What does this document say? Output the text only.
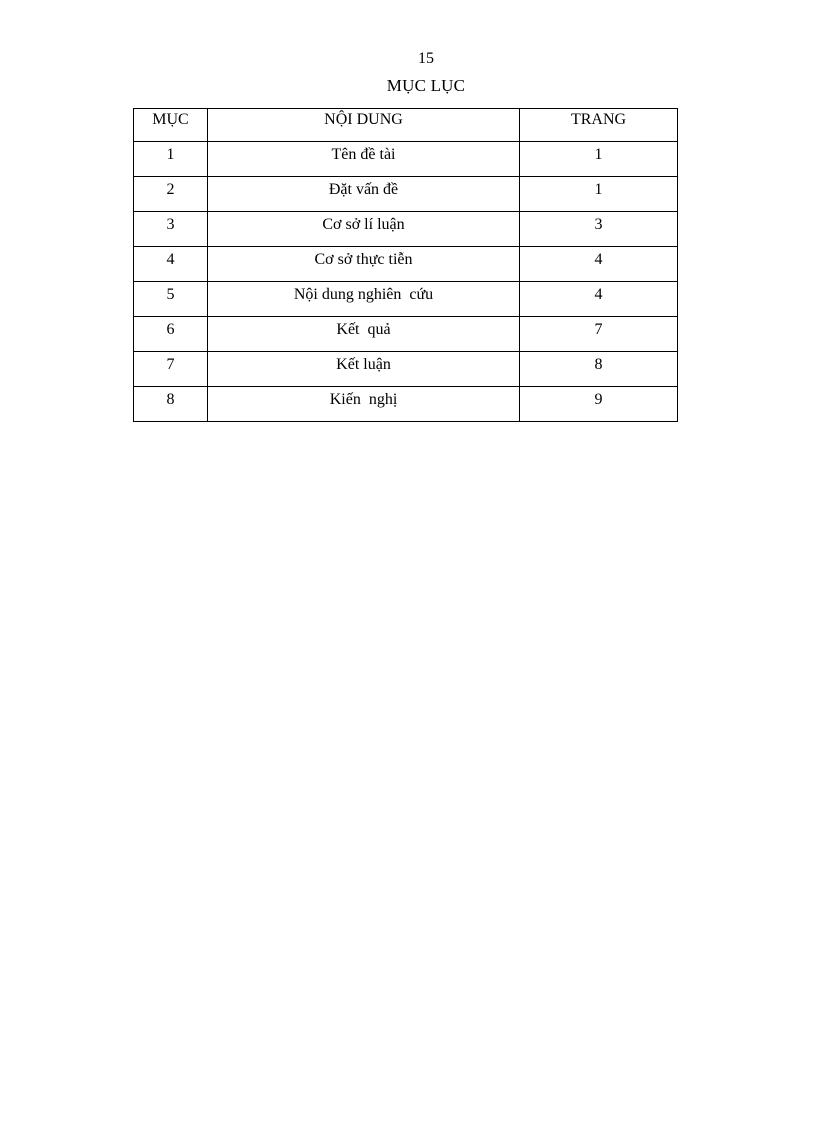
15
MỤC LỤC
MỤC	NỘI DUNG	TRANG
1	Tên đề tài	1
2	Đặt vấn đề	1
3	Cơ sở lí luận	3
4	Cơ sở thực tiễn	4
5	Nội dung nghiên  cứu	4
6	Kết  quả	7
7	Kết luận	8
8	Kiến  nghị	9
